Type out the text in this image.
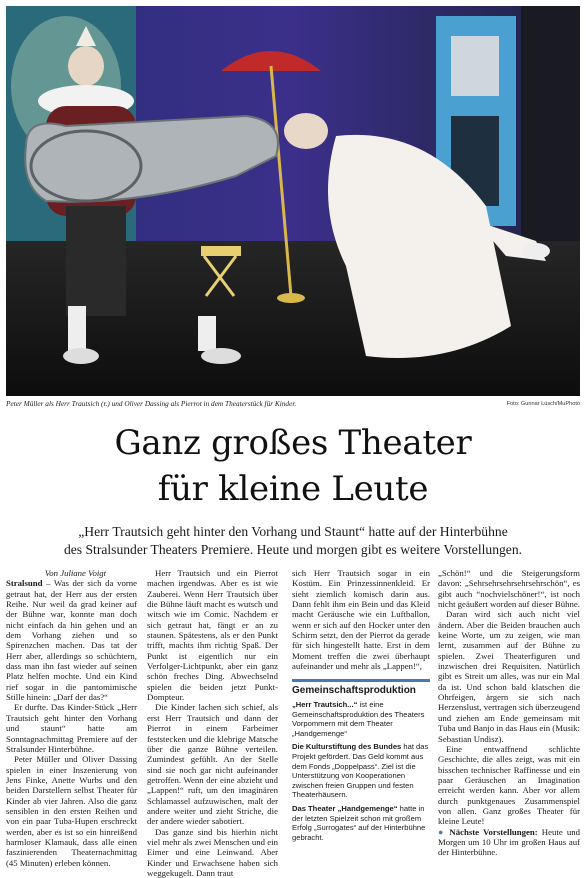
Peter Müller als Herr Trautsich (r.) und Oliver Dassing als Pierrot in dem Theaterstück für Kinder.	Foto: Gunnar Lüsch/MuPhoto
Ganz großes Theater
für kleine Leute
„Herr Trautsich geht hinter den Vorhang und Staunt“ hatte auf der Hinterbühne
des Stralsunder Theaters Premiere. Heute und morgen gibt es weitere Vorstellungen.

Von Juliane Voigt

Stralsund – Was der sich da vorne getraut hat, der Herr aus der ersten Reihe. Nur weil da grad keiner auf der Bühne war, konnte man doch nicht einfach da hin gehen und an dem Vorhang ziehen und so Spirenzchen machen. Das tat der Herr aber, allerdings so schüchtern, dass man ihn fast wieder auf seinen Platz helfen mochte. Und ein Kind rief sogar in die pantomimische Stille hinein: „Darf der das?“

Er durfte. Das Kinder-Stück „Herr Trautsich geht hinter den Vorhang und staunt“ hatte am Sonntagnachmittag Premiere auf der Stralsunder Hinterbühne.

Peter Müller und Oliver Dassing spielen in einer Inszenierung von Jens Finke, Anette Wurbs und den beiden Darstellern selbst Theater für Kinder ab vier Jahren. Also die ganz sensiblen in den ersten Reihen und von ein paar Tuba-Hupen erschreckt werden, aber es ist so ein hinreißend harmloser Klamauk, dass alle einen faszinierenden Theaternachmittag (45 Minuten) erleben können.

Herr Trautsich und ein Pierrot machen irgendwas. Aber es ist wie Zauberei. Wenn Herr Trautsich über die Bühne läuft macht es wutsch und witsch wie im Comic. Nachdem er sich getraut hat, fängt er an zu staunen. Spätestens, als er den Punkt trifft, machts ihm richtig Spaß. Der Punkt ist eigentlich nur ein Verfolger-Lichtpunkt, aber ein ganz schön freches Ding. Abwechselnd spielen die beiden jetzt Punkt-Dompteur.

Die Kinder lachen sich schief, als erst Herr Trautsich und dann der Pierrot in einem Farbeimer feststecken und die klebrige Matsche über die ganze Bühne verteilen. Zumindest gefühlt. An der Stelle sind sie noch gar nicht aufeinander getroffen. Wenn der eine abzieht und „Lappen!“ ruft, um den imaginären Schlamassel aufzuwischen, malt der andere weiter und zieht Striche, die der andere wieder sabotiert.

Das ganze sind bis hierhin nicht viel mehr als zwei Menschen und ein Eimer und eine Leinwand. Aber Kinder und Erwachsene haben sich weggekugelt. Dann traut

sich Herr Trautsich sogar in ein Kostüm. Ein Prinzessinnenkleid. Er sieht ziemlich komisch darin aus. Dann fehlt ihm ein Bein und das Kleid macht Geräusche wie ein Luftballon, wenn er sich auf den Hocker unter den Schirm setzt, den der Pierrot da gerade für sich hingestellt hatte. Erst in dem Moment treffen die zwei überhaupt aufeinander und mehr als „Lappen!“,

Gemeinschaftsproduktion

„Herr Trautsich...“ ist eine Gemeinschaftsproduktion des Theaters Vorpommern mit dem Theater „Handgemenge“

Die Kulturstiftung des Bundes hat das Projekt gefördert. Das Geld kommt aus dem Fonds „Doppelpass“. Ziel ist die Unterstützung von Kooperationen zwischen freien Gruppen und festen Theaterhäusern.

Das Theater „Handgemenge“ hatte in der letzten Spielzeit schon mit großem Erfolg „Surrogates“ auf der Hinterbühne gebracht.

„Schön!“ und die Steigerungsform davon: „Sehrsehrsehrsehrsehrschön“, es gibt auch “nochvielschöner!“, ist noch nicht geäußert worden auf dieser Bühne.

Daran wird sich auch nicht viel ändern. Aber die Beiden brauchen auch keine Worte, um zu zeigen, wie man lernt, zusammen auf der Bühne zu spielen. Zwei Theaterfiguren und inzwischen drei Requisiten. Natürlich gibt es Streit um alles, was nur ein Mal da ist. Und schon bald klatschen die Ohrfeigen, ärgern sie sich nach Herzenslust, vertragen sich überzeugend und ziehen am Ende gemeinsam mit Tuba und Banjo in das Haus ein (Musik: Sebastian Undisz).

Eine entwaffnend schlichte Geschichte, die alles zeigt, was mit ein bisschen technischer Raffinesse und ein paar Geräuschen an Imagination erreicht werden kann. Aber vor allem durch punktgenaues Zusammenspiel von allen. Ganz großes Theater für kleine Leute!

● Nächste Vorstellungen: Heute und Morgen um 10 Uhr im großen Haus auf der Hinterbühne.
